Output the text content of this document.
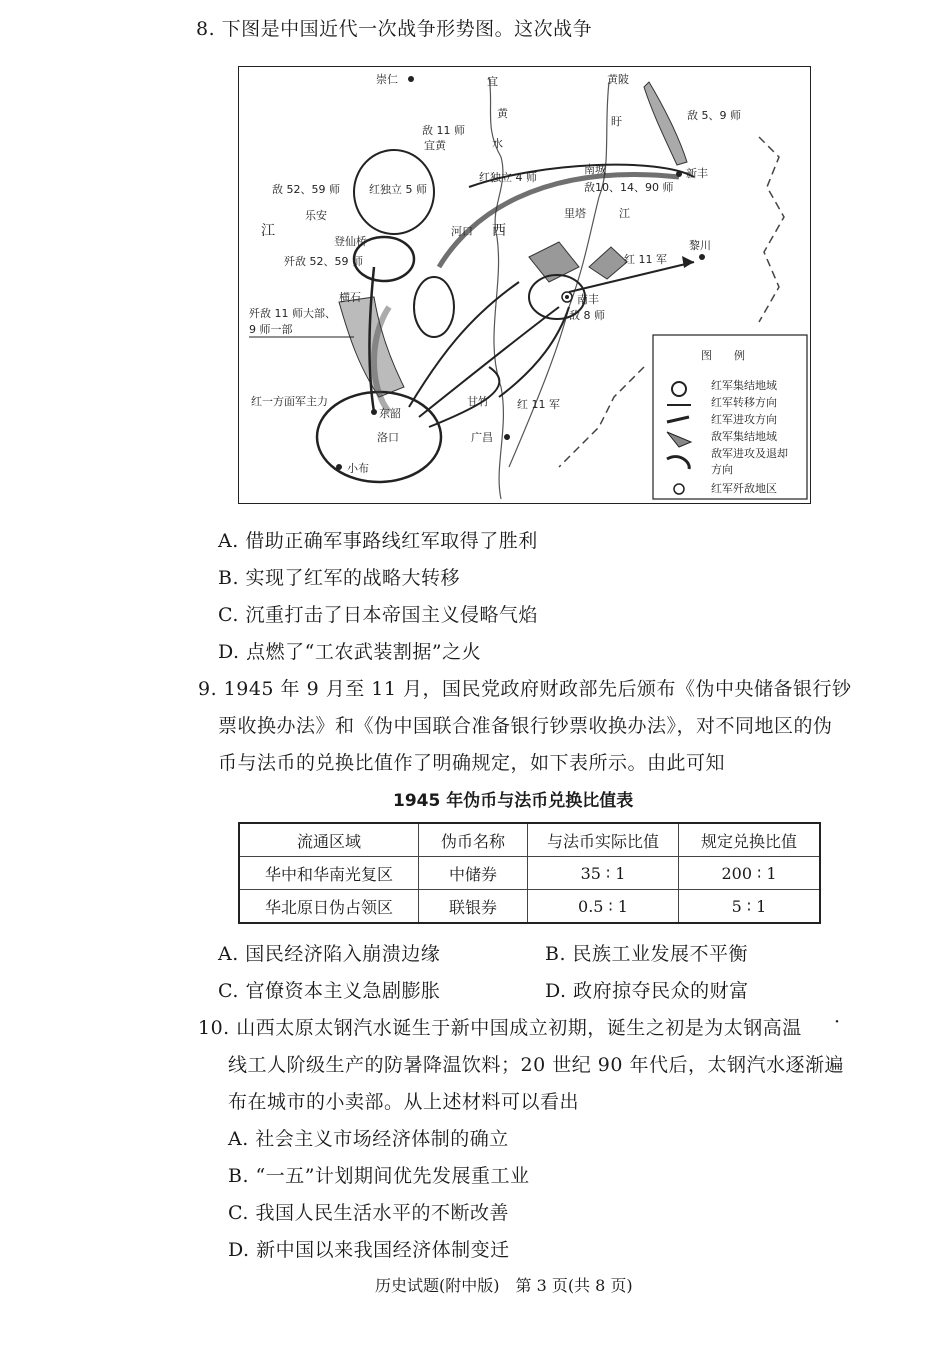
8. 下图是中国近代一次战争形势图。这次战争
崇仁	宜
黄
水
黄陂
敌 5、9 师
敌 11 师
宜黄
盱
新丰
红独立 4 师
南城
敌10、14、90 师
敌 52、59 师	红独立 5 师
乐安
江	西
登仙桥
歼敌 52、59 师
河口
里塔	江
红 11 军
黎川
横石
歼敌 11 师大部、
9 师一部
南丰
敌 8 师
红一方面军主力
东韶
甘竹	红 11 军
洛口	广昌
小布
图　　例
红军集结地域
红军转移方向
红军进攻方向
敌军集结地域
敌军进攻及退却
方向
红军歼敌地区
A. 借助正确军事路线红军取得了胜利
B. 实现了红军的战略大转移
C. 沉重打击了日本帝国主义侵略气焰
D. 点燃了“工农武装割据”之火
9. 1945 年 9 月至 11 月，国民党政府财政部先后颁布《伪中央储备银行钞
票收换办法》和《伪中国联合准备银行钞票收换办法》，对不同地区的伪
币与法币的兑换比值作了明确规定，如下表所示。由此可知
1945 年伪币与法币兑换比值表
流通区域	伪币名称	与法币实际比值	规定兑换比值
华中和华南光复区	中储券	35 ∶ 1	200 ∶ 1
华北原日伪占领区	联银券	0.5 ∶ 1	5 ∶ 1
A. 国民经济陷入崩溃边缘	B. 民族工业发展不平衡
C. 官僚资本主义急剧膨胀	D. 政府掠夺民众的财富
10. 山西太原太钢汽水诞生于新中国成立初期，诞生之初是为太钢高温 ·
线工人阶级生产的防暑降温饮料；20 世纪 90 年代后，太钢汽水逐渐遍
布在城市的小卖部。从上述材料可以看出
A. 社会主义市场经济体制的确立
B. “一五”计划期间优先发展重工业
C. 我国人民生活水平的不断改善
D. 新中国以来我国经济体制变迁
历史试题(附中版)　第 3 页(共 8 页)
